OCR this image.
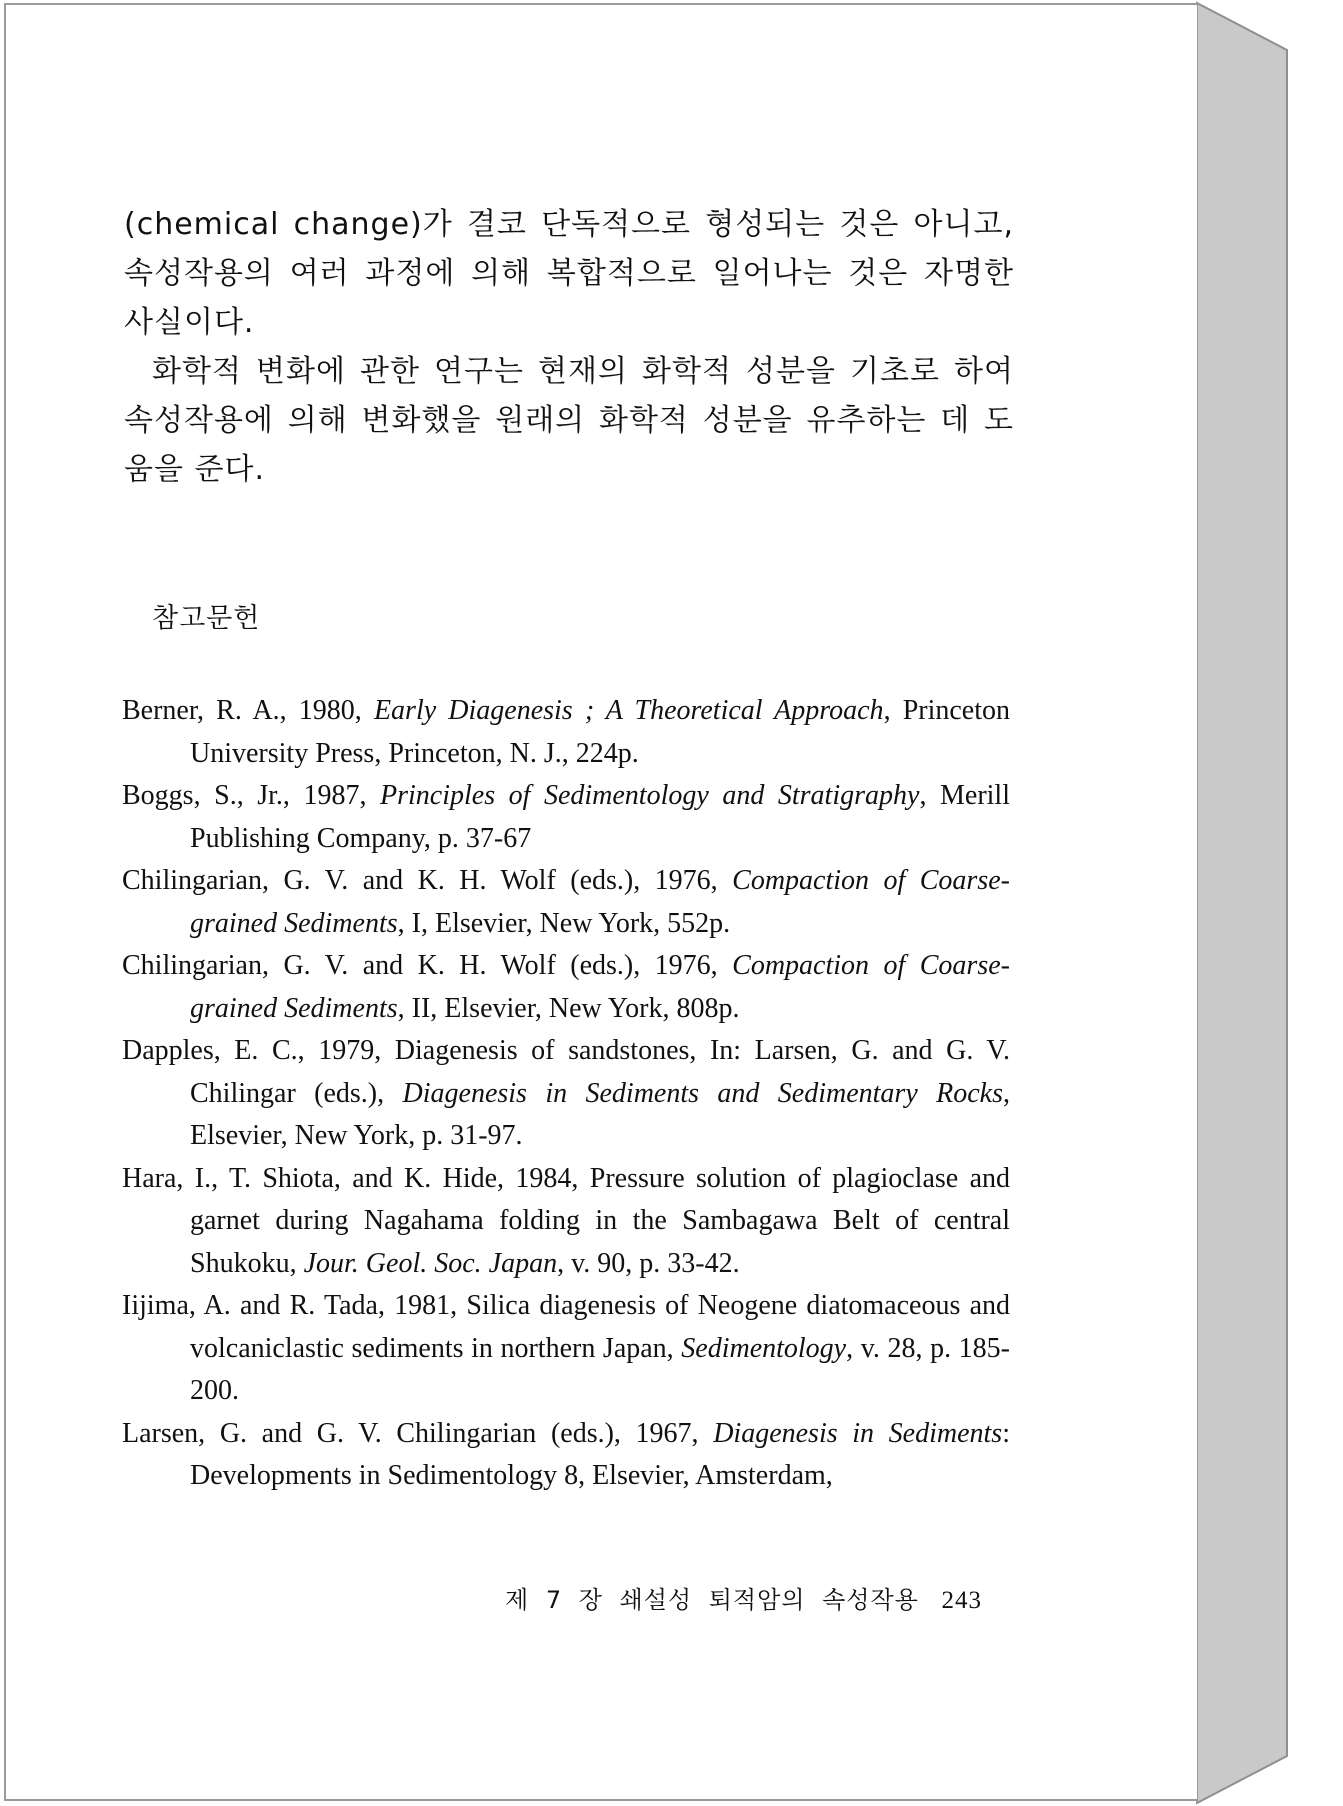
(chemical change)가 결코 단독적으로 형성되는 것은 아니고, 속성작용의 여러 과정에 의해 복합적으로 일어나는 것은 자명한 사실이다.

화학적 변화에 관한 연구는 현재의 화학적 성분을 기초로 하여 속성작용에 의해 변화했을 원래의 화학적 성분을 유추하는 데 도움을 준다.

참고문헌

Berner, R. A., 1980, Early Diagenesis ; A Theoretical Approach, Princeton University Press, Princeton, N. J., 224p.

Boggs, S., Jr., 1987, Principles of Sedimentology and Stratigraphy, Merill Publishing Company, p. 37-67

Chilingarian, G. V. and K. H. Wolf (eds.), 1976, Compaction of Coarse-grained Sediments, I, Elsevier, New York, 552p.

Chilingarian, G. V. and K. H. Wolf (eds.), 1976, Compaction of Coarse-grained Sediments, II, Elsevier, New York, 808p.

Dapples, E. C., 1979, Diagenesis of sandstones, In: Larsen, G. and G. V. Chilingar (eds.), Diagenesis in Sediments and Sedimentary Rocks, Elsevier, New York, p. 31-97.

Hara, I., T. Shiota, and K. Hide, 1984, Pressure solution of plagioclase and garnet during Nagahama folding in the Sambagawa Belt of central Shukoku, Jour. Geol. Soc. Japan, v. 90, p. 33-42.

Iijima, A. and R. Tada, 1981, Silica diagenesis of Neogene diatomaceous and volcaniclastic sediments in northern Japan, Sedimentology, v. 28, p. 185-200.

Larsen, G. and G. V. Chilingarian (eds.), 1967, Diagenesis in Sediments: Developments in Sedimentology 8, Elsevier, Amsterdam,

제 7 장 쇄설성 퇴적암의 속성작용 243
